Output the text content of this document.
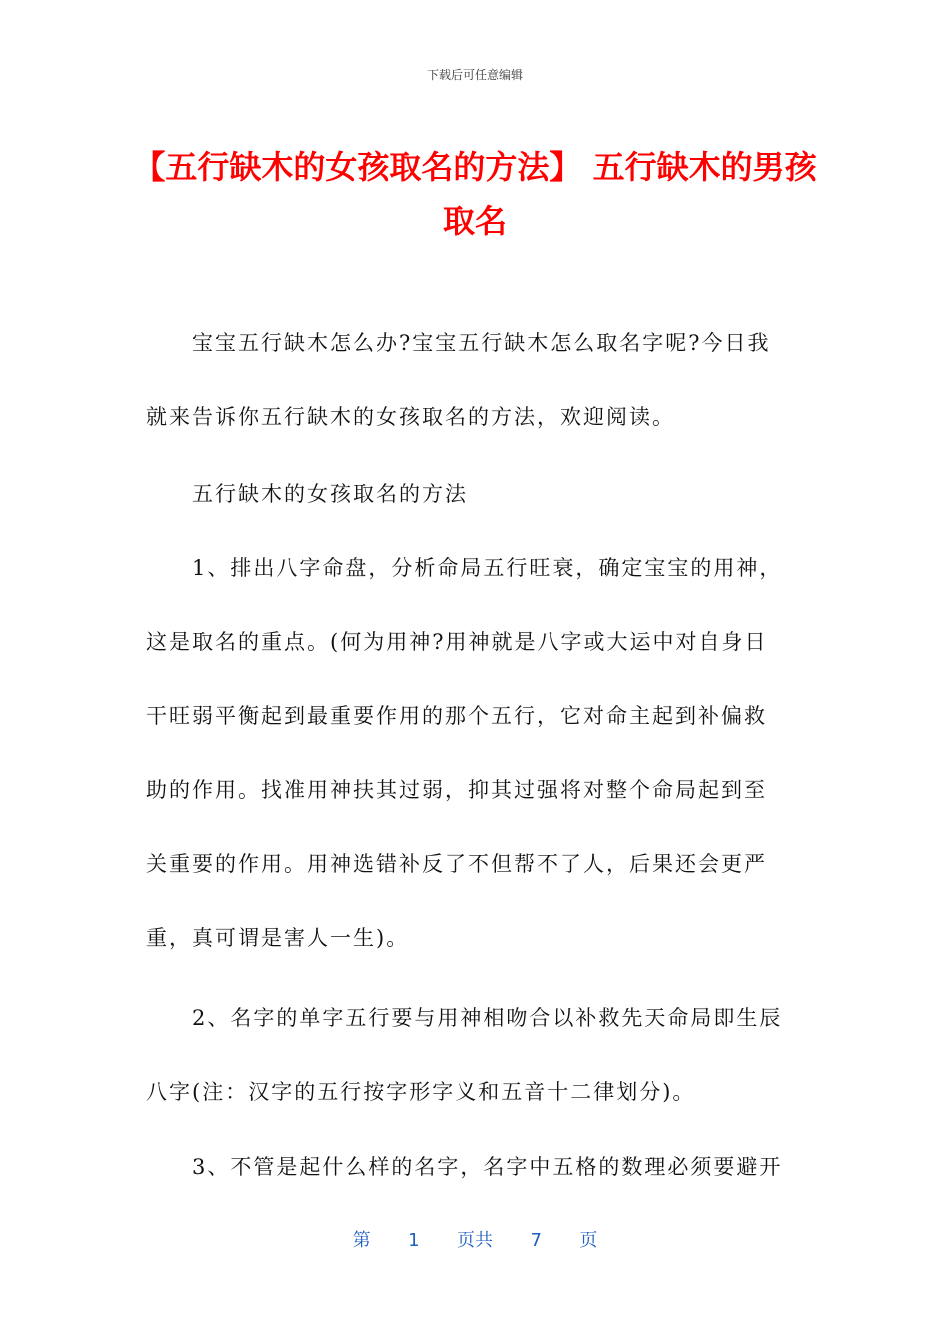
下载后可任意编辑
【五行缺木的女孩取名的方法】 五行缺木的男孩取名
宝宝五行缺木怎么办?宝宝五行缺木怎么取名字呢?今日我
就来告诉你五行缺木的女孩取名的方法，欢迎阅读。
五行缺木的女孩取名的方法
1、排出八字命盘，分析命局五行旺衰，确定宝宝的用神，
这是取名的重点。(何为用神?用神就是八字或大运中对自身日
干旺弱平衡起到最重要作用的那个五行，它对命主起到补偏救
助的作用。找准用神扶其过弱，抑其过强将对整个命局起到至
关重要的作用。用神选错补反了不但帮不了人，后果还会更严
重，真可谓是害人一生)。
2、名字的单字五行要与用神相吻合以补救先天命局即生辰
八字(注：汉字的五行按字形字义和五音十二律划分)。
3、不管是起什么样的名字，名字中五格的数理必须要避开
第 1 页共 7 页
